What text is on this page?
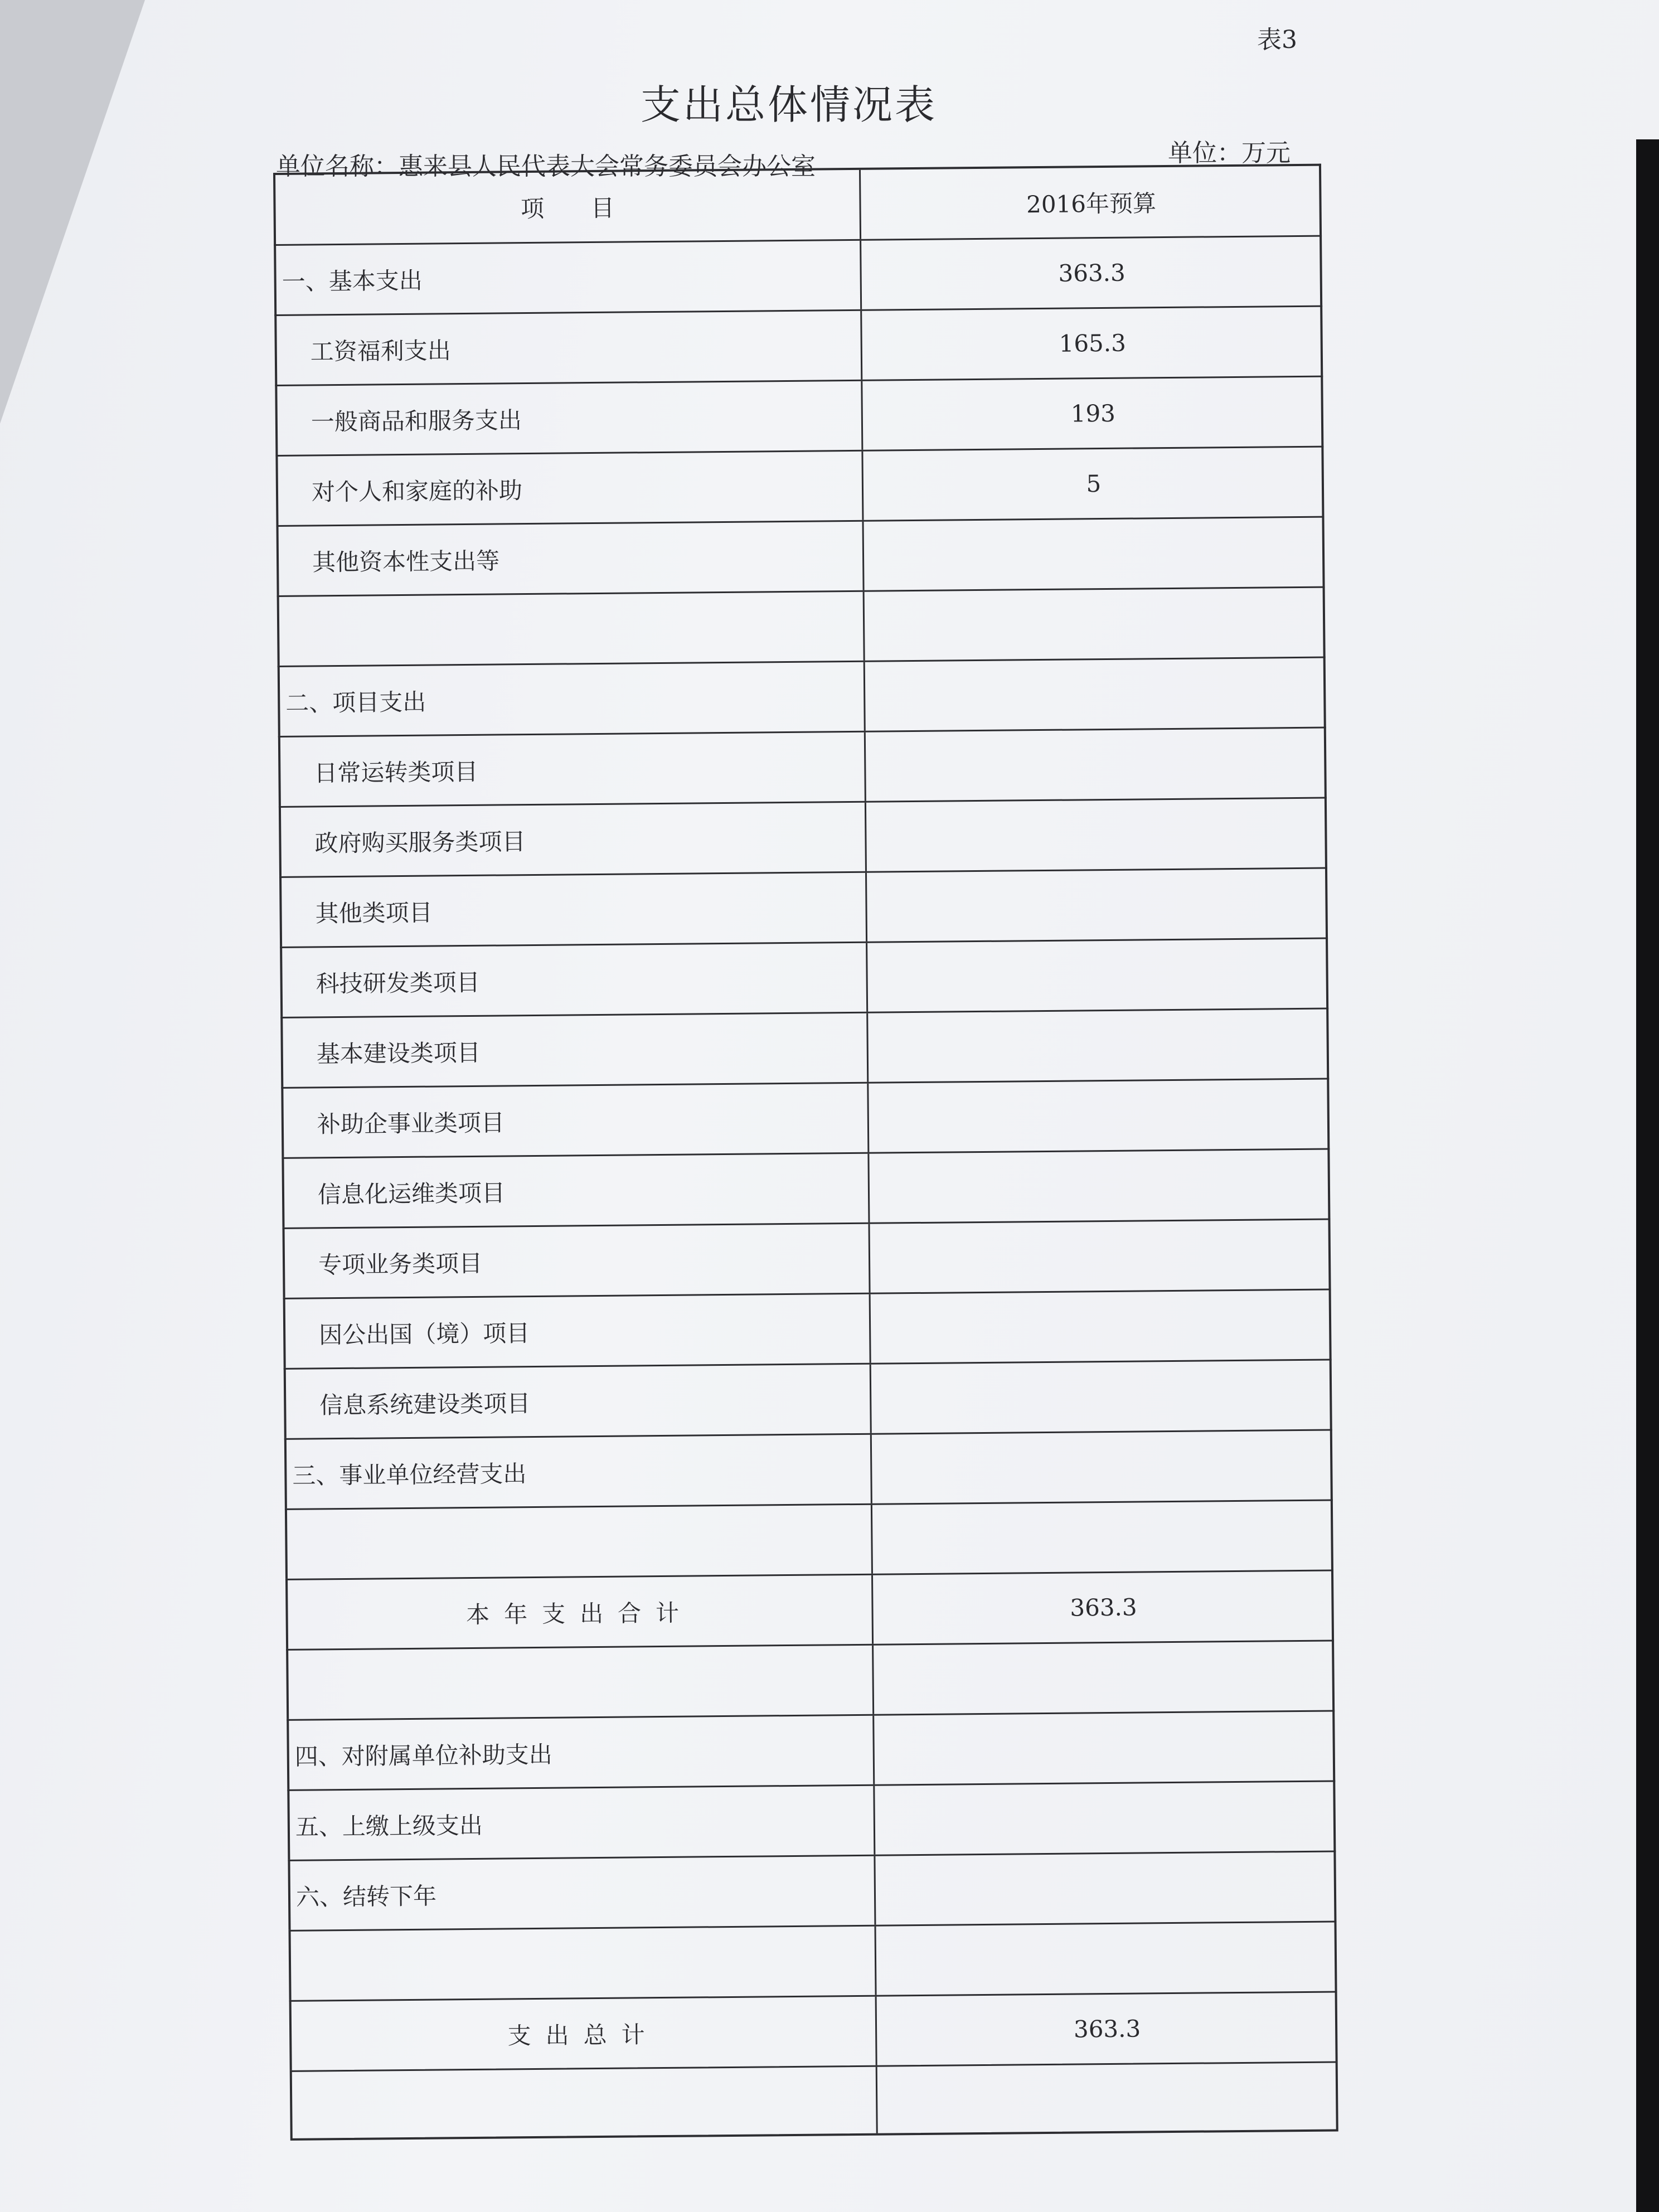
表3
支出总体情况表
单位名称：惠来县人民代表大会常务委员会办公室	单位：万元
项　　目	2016年预算
一、基本支出	363.3
工资福利支出	165.3
一般商品和服务支出	193
对个人和家庭的补助	5
其他资本性支出等
二、项目支出
日常运转类项目
政府购买服务类项目
其他类项目
科技研发类项目
基本建设类项目
补助企事业类项目
信息化运维类项目
专项业务类项目
因公出国（境）项目
信息系统建设类项目
三、事业单位经营支出
本年支出合计	363.3
四、对附属单位补助支出
五、上缴上级支出
六、结转下年
支出总计	363.3
